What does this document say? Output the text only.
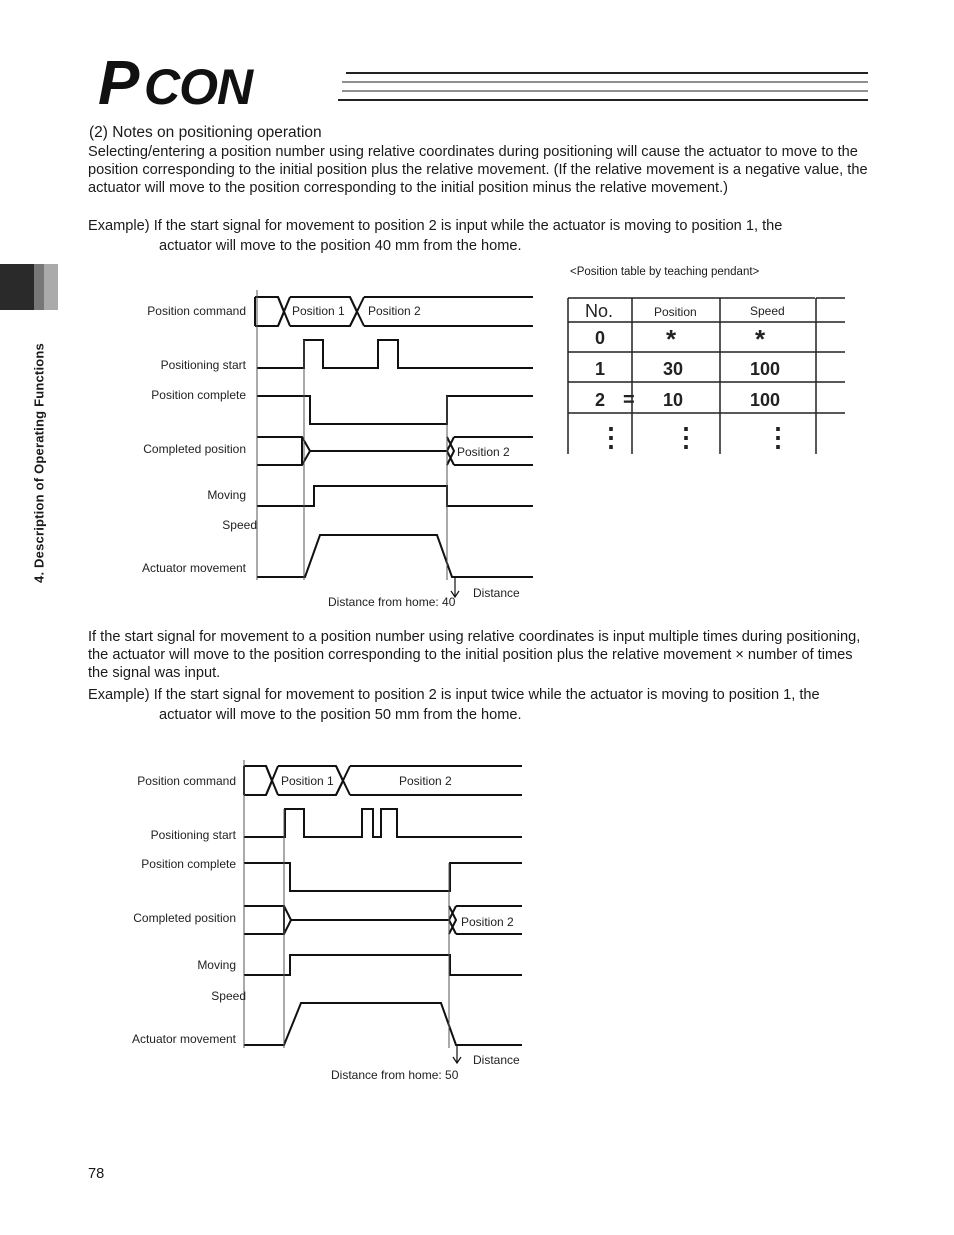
P CON
4. Description of Operating Functions
(2) Notes on positioning operation
Selecting/entering a position number using relative coordinates during positioning will cause the actuator to move to the position corresponding to the initial position plus the relative movement. (If the relative movement is a negative value, the actuator will move to the position corresponding to the initial position minus the relative movement.)
Example) If the start signal for movement to position 2 is input while the actuator is moving to position 1, the
actuator will move to the position 40 mm from the home.
Position command
Positioning start
Position complete
Completed position
Moving
Speed
Actuator movement
Position 1 Position 2
Position 2
Distance
Distance from home: 40
<Position table by teaching pendant>
No.	Position	Speed
0 *	*
1	30	100
2 = 10	100
⋮ ⋮	⋮
If the start signal for movement to a position number using relative coordinates is input multiple times during positioning, the actuator will move to the position corresponding to the initial position plus the relative movement × number of times the signal was input.
Example) If the start signal for movement to position 2 is input twice while the actuator is moving to position 1, the
actuator will move to the position 50 mm from the home.
Position command
Positioning start
Position complete
Completed position
Moving
Speed
Actuator movement
Position 1	Position 2
Position 2
Distance
Distance from home: 50
78
